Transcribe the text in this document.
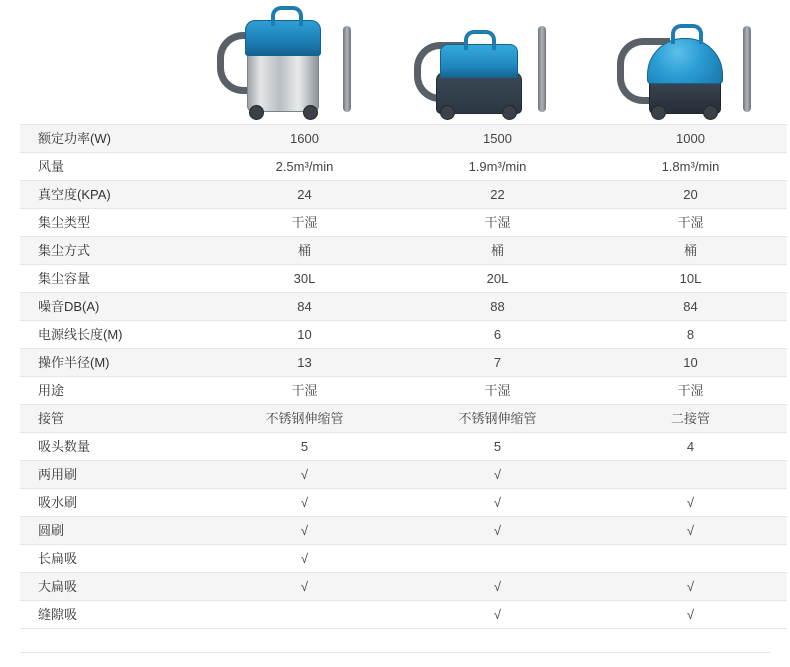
额定功率(W)	1600	1500	1000
风量	2.5m³/min	1.9m³/min	1.8m³/min
真空度(KPA)	24	22	20
集尘类型	干湿	干湿	干湿
集尘方式	桶	桶	桶
集尘容量	30L	20L	10L
噪音DB(A)	84	88	84
电源线长度(M)	10	6	8
操作半径(M)	13	7	10
用途	干湿	干湿	干湿
接管	不锈钢伸缩管	不锈钢伸缩管	二接管
吸头数量	5	5	4
两用刷	√	√	
吸水刷	√	√	√
圆刷	√	√	√
长扁吸	√		
大扁吸	√	√	√
缝隙吸		√	√
